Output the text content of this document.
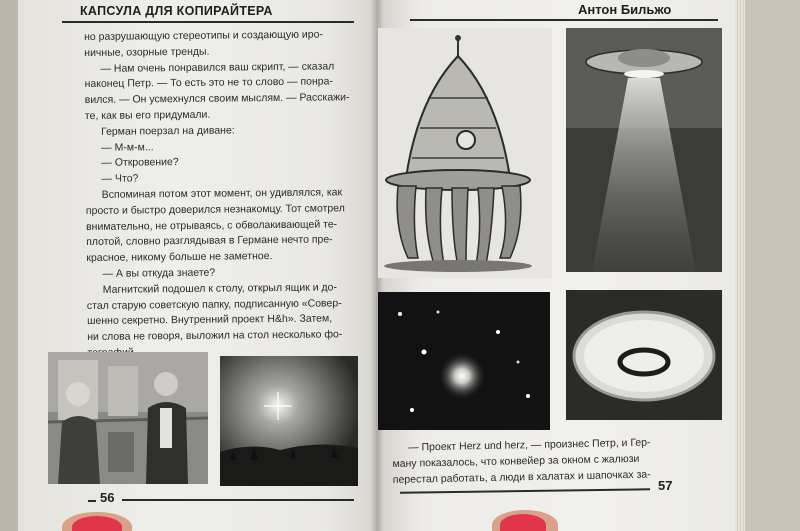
КАПСУЛА ДЛЯ КОПИРАЙТЕРА	Антон Бильжо
но разрушающую стереотипы и создающую иро-
ничные, озорные тренды.
— Нам очень понравился ваш скрипт, — сказал
наконец Петр. — То есть это не то слово — понра-
вился. — Он усмехнулся своим мыслям. — Расскажи-
те, как вы его придумали.
Герман поерзал на диване:
— М-м-м...
— Откровение?
— Что?
Вспоминая потом этот момент, он удивлялся, как
просто и быстро доверился незнакомцу. Тот смотрел
внимательно, не отрываясь, с обволакивающей те-
плотой, словно разглядывая в Германе нечто пре-
красное, никому больше не заметное.
— А вы откуда знаете?
Магнитский подошел к столу, открыл ящик и до-
стал старую советскую папку, подписанную «Совер-
шенно секретно. Внутренний проект H&h». Затем,
ни слова не говоря, выложил на стол несколько фо-
56
— Проект Herz und herz, — произнес Петр, и Гер-
ману показалось, что конвейер за окном с жалюзи
перестал работать, а люди в халатах и шапочках за- 57
